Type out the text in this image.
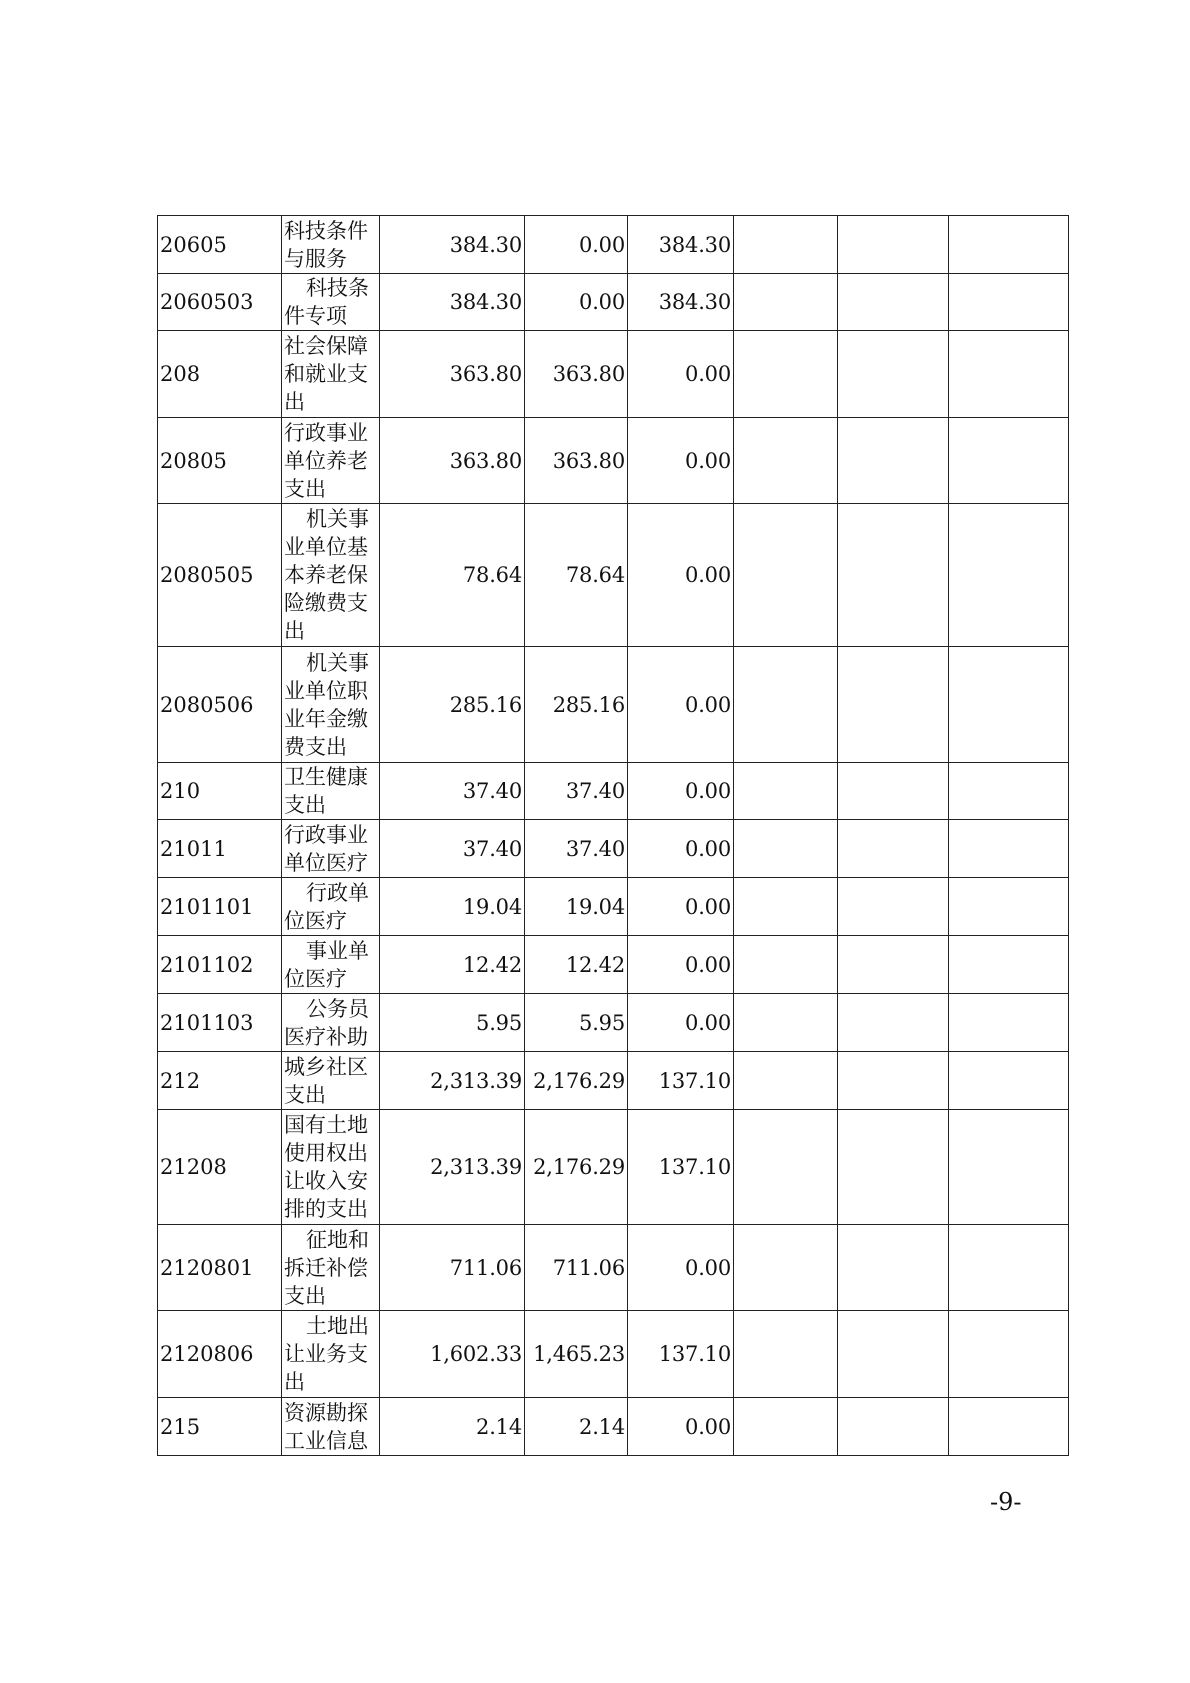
20605	科技条件与服务	384.30	0.00	384.30			
2060503	科技条件专项	384.30	0.00	384.30			
208	社会保障和就业支出	363.80	363.80	0.00			
20805	行政事业单位养老支出	363.80	363.80	0.00			
2080505	机关事业单位基本养老保险缴费支出	78.64	78.64	0.00			
2080506	机关事业单位职业年金缴费支出	285.16	285.16	0.00			
210	卫生健康支出	37.40	37.40	0.00			
21011	行政事业单位医疗	37.40	37.40	0.00			
2101101	行政单位医疗	19.04	19.04	0.00			
2101102	事业单位医疗	12.42	12.42	0.00			
2101103	公务员医疗补助	5.95	5.95	0.00			
212	城乡社区支出	2,313.39	2,176.29	137.10			
21208	国有土地使用权出让收入安排的支出	2,313.39	2,176.29	137.10			
2120801	征地和拆迁补偿支出	711.06	711.06	0.00			
2120806	土地出让业务支出	1,602.33	1,465.23	137.10			
215	资源勘探工业信息	2.14	2.14	0.00			
-9-
